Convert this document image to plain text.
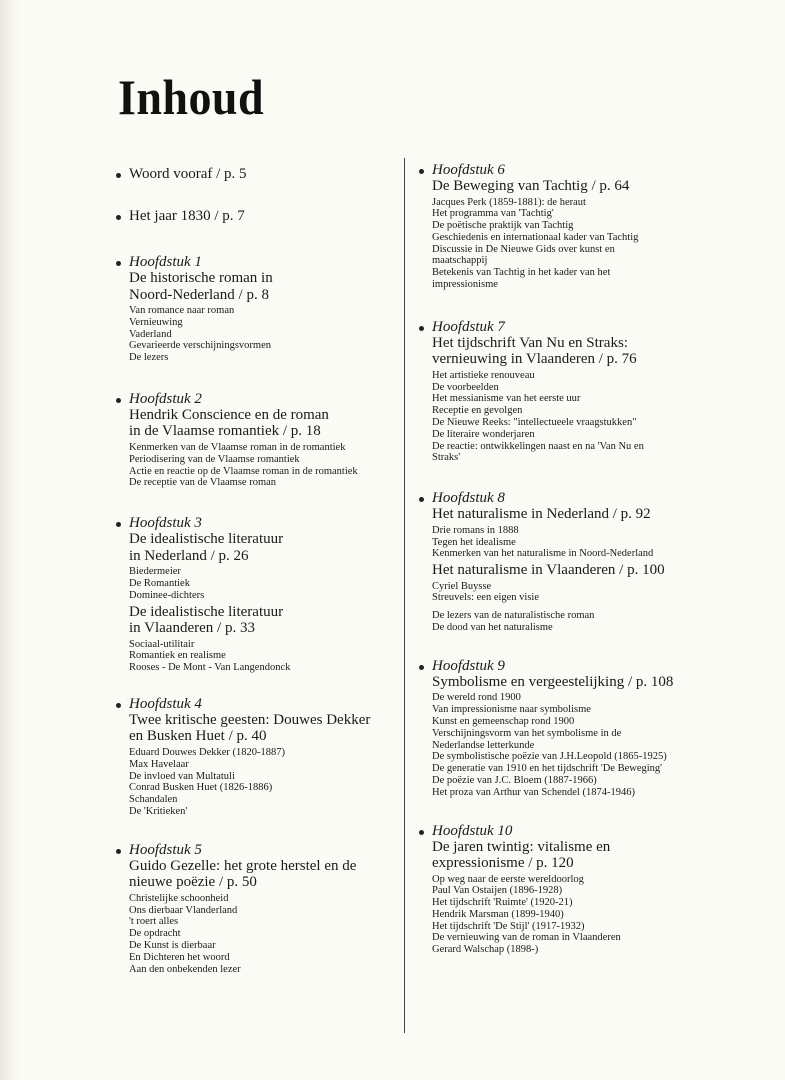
Inhoud
Woord vooraf / p. 5
Het jaar 1830 / p. 7
Hoofdstuk 1
De historische roman in
Noord-Nederland / p. 8
Van romance naar roman
Vernieuwing
Vaderland
Gevarieerde verschijningsvormen
De lezers
Hoofdstuk 2
Hendrik Conscience en de roman
in de Vlaamse romantiek / p. 18
Kenmerken van de Vlaamse roman in de romantiek
Periodisering van de Vlaamse romantiek
Actie en reactie op de Vlaamse roman in de romantiek
De receptie van de Vlaamse roman
Hoofdstuk 3
De idealistische literatuur
in Nederland / p. 26
Biedermeier
De Romantiek
Dominee-dichters
De idealistische literatuur
in Vlaanderen / p. 33
Sociaal-utilitair
Romantiek en realisme
Rooses - De Mont - Van Langendonck
Hoofdstuk 4
Twee kritische geesten: Douwes Dekker
en Busken Huet / p. 40
Eduard Douwes Dekker (1820-1887)
Max Havelaar
De invloed van Multatuli
Conrad Busken Huet (1826-1886)
Schandalen
De 'Kritieken'
Hoofdstuk 5
Guido Gezelle: het grote herstel en de
nieuwe poëzie / p. 50
Christelijke schoonheid
Ons dierbaar Vlanderland
't roert alles
De opdracht
De Kunst is dierbaar
En Dichteren het woord
Aan den onbekenden lezer
Hoofdstuk 6
De Beweging van Tachtig / p. 64
Jacques Perk (1859-1881): de heraut
Het programma van 'Tachtig'
De poëtische praktijk van Tachtig
Geschiedenis en internationaal kader van Tachtig
Discussie in De Nieuwe Gids over kunst en
maatschappij
Betekenis van Tachtig in het kader van het
impressionisme
Hoofdstuk 7
Het tijdschrift Van Nu en Straks:
vernieuwing in Vlaanderen / p. 76
Het artistieke renouveau
De voorbeelden
Het messianisme van het eerste uur
Receptie en gevolgen
De Nieuwe Reeks: "intellectueele vraagstukken"
De literaire wonderjaren
De reactie: ontwikkelingen naast en na 'Van Nu en
Straks'
Hoofdstuk 8
Het naturalisme in Nederland / p. 92
Drie romans in 1888
Tegen het idealisme
Kenmerken van het naturalisme in Noord-Nederland
Het naturalisme in Vlaanderen / p. 100
Cyriel Buysse
Streuvels: een eigen visie
De lezers van de naturalistische roman
De dood van het naturalisme
Hoofdstuk 9
Symbolisme en vergeestelijking / p. 108
De wereld rond 1900
Van impressionisme naar symbolisme
Kunst en gemeenschap rond 1900
Verschijningsvorm van het symbolisme in de
Nederlandse letterkunde
De symbolistische poëzie van J.H.Leopold (1865-1925)
De generatie van 1910 en het tijdschrift 'De Beweging'
De poëzie van J.C. Bloem (1887-1966)
Het proza van Arthur van Schendel (1874-1946)
Hoofdstuk 10
De jaren twintig: vitalisme en
expressionisme / p. 120
Op weg naar de eerste wereldoorlog
Paul Van Ostaijen (1896-1928)
Het tijdschrift 'Ruimte' (1920-21)
Hendrik Marsman (1899-1940)
Het tijdschrift 'De Stijl' (1917-1932)
De vernieuwing van de roman in Vlaanderen
Gerard Walschap (1898-)
